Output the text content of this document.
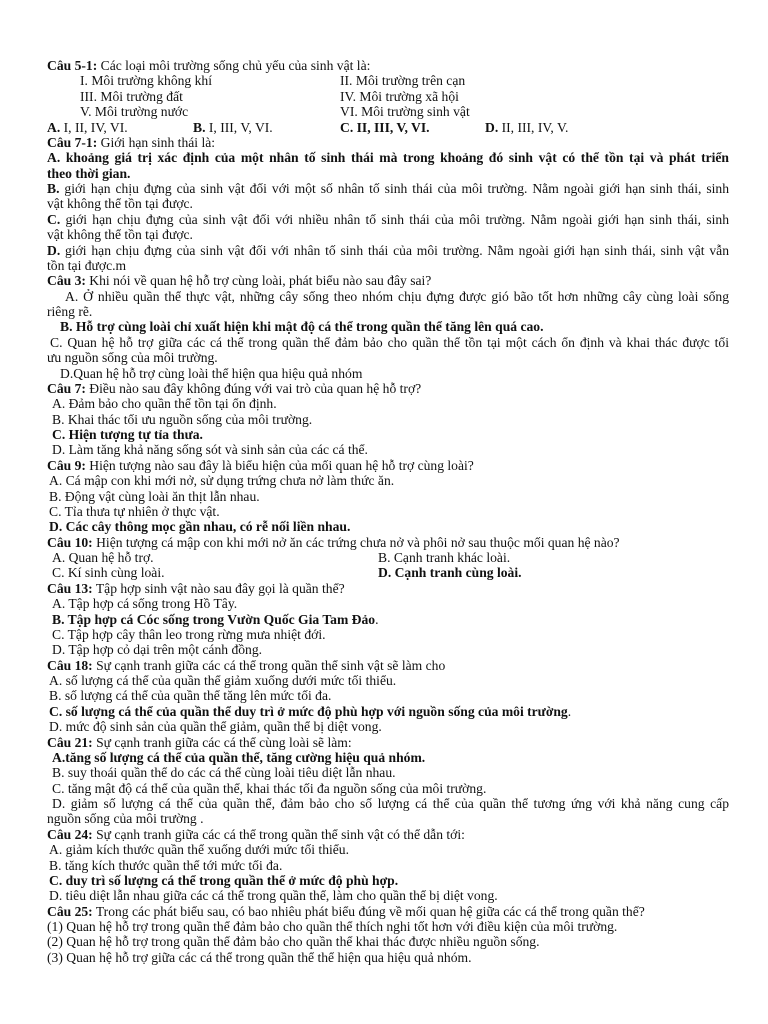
Câu 5-1: Các loại môi trường sống chủ yếu của sinh vật là:
I. Môi trường không khí	II. Môi trường trên cạn
III. Môi trường đất	IV. Môi trường xã hội
V. Môi trường nước	VI. Môi trường sinh vật
A. I, II, IV, VI.	B. I, III, V, VI.	C. II, III, V, VI.	D. II, III, IV, V.
Câu 7-1: Giới hạn sinh thái là:
A. khoảng giá trị xác định của một nhân tố sinh thái mà trong khoảng đó sinh vật có thể tồn tại và phát triển
theo thời gian.
B. giới hạn chịu đựng của sinh vật đối với một số nhân tố sinh thái của môi trường. Nằm ngoài giới hạn sinh thái, sinh
vật không thể tồn tại được.
C. giới hạn chịu đựng của sinh vật đối với nhiều nhân tố sinh thái của môi trường. Nằm ngoài giới hạn sinh thái, sinh
vật không thể tồn tại được.
D. giới hạn chịu đựng của sinh vật đối với nhân tố sinh thái của môi trường. Nằm ngoài giới hạn sinh thái, sinh vật vẫn
tồn tại được.m
Câu 3: Khi nói về quan hệ hỗ trợ cùng loài, phát biểu nào sau đây sai?
A. Ở nhiều quần thể thực vật, những cây sống theo nhóm chịu đựng được gió bão tốt hơn những cây cùng loài sống
riêng rẽ.
B. Hỗ trợ cùng loài chỉ xuất hiện khi mật độ cá thể trong quần thể tăng lên quá cao.
C. Quan hệ hỗ trợ giữa các cá thể trong quần thể đảm bảo cho quần thể tồn tại một cách ổn định và khai thác được tối
ưu nguồn sống của môi trường.
D.Quan hệ hỗ trợ cùng loài thể hiện qua hiệu quả nhóm
Câu 7: Điều nào sau đây không đúng với vai trò của quan hệ hỗ trợ?
A. Đảm bảo cho quần thể tồn tại ổn định.
B. Khai thác tối ưu nguồn sống của môi trường.
C. Hiện tượng tự tỉa thưa.
D. Làm tăng khả năng sống sót và sinh sản của các cá thể.
Câu 9: Hiện tượng nào sau đây là biểu hiện của mối quan hệ hỗ trợ cùng loài?
A. Cá mập con khi mới nở, sử dụng trứng chưa nở làm thức ăn.
B. Động vật cùng loài ăn thịt lẫn nhau.
C. Tỉa thưa tự nhiên ở thực vật.
D. Các cây thông mọc gần nhau, có rễ nối liền nhau.
Câu 10: Hiện tượng cá mập con khi mới nở ăn các trứng chưa nở và phôi nở sau thuộc mối quan hệ nào?
A. Quan hệ hỗ trợ.	B. Cạnh tranh khác loài.
C. Kí sinh cùng loài.	D. Cạnh tranh cùng loài.
Câu 13: Tập hợp sinh vật nào sau đây gọi là quần thể?
A. Tập hợp cá sống trong Hồ Tây.
B. Tập hợp cá Cóc sống trong Vườn Quốc Gia Tam Đảo.
C. Tập hợp cây thân leo trong rừng mưa nhiệt đới.
D. Tập hợp cỏ dại trên một cánh đồng.
Câu 18: Sự cạnh tranh giữa các cá thể trong quần thể sinh vật sẽ làm cho
A. số lượng cá thể của quần thể giảm xuống dưới mức tối thiểu.
B. số lượng cá thể của quần thể tăng lên mức tối đa.
C. số lượng cá thể của quần thể duy trì ở mức độ phù hợp với nguồn sống của môi trường.
D. mức độ sinh sản của quần thể giảm, quần thể bị diệt vong.
Câu 21: Sự cạnh tranh giữa các cá thể cùng loài sẽ làm:
A.tăng số lượng cá thể của quần thể, tăng cường hiệu quả nhóm.
B. suy thoái quần thể do các cá thể cùng loài tiêu diệt lẫn nhau.
C. tăng mật độ cá thể của quần thể, khai thác tối đa nguồn sống của môi trường.
D. giảm số lượng cá thể của quần thể, đảm bảo cho số lượng cá thể của quần thể tương ứng với khả năng cung cấp
nguồn sống của môi trường .
Câu 24: Sự cạnh tranh giữa các cá thể trong quần thể sinh vật có thể dẫn tới:
A. giảm kích thước quần thể xuống dưới mức tối thiểu.
B. tăng kích thước quần thể tới mức tối đa.
C. duy trì số lượng cá thể trong quần thể ở mức độ phù hợp.
D. tiêu diệt lẫn nhau giữa các cá thể trong quần thể, làm cho quần thể bị diệt vong.
Câu 25: Trong các phát biểu sau, có bao nhiêu phát biểu đúng về mối quan hệ giữa các cá thể trong quần thể?
(1) Quan hệ hỗ trợ trong quần thể đảm bảo cho quần thể thích nghi tốt hơn với điều kiện của môi trường.
(2) Quan hệ hỗ trợ trong quần thể đảm bảo cho quần thể khai thác được nhiều nguồn sống.
(3) Quan hệ hỗ trợ giữa các cá thể trong quần thể thể hiện qua hiệu quả nhóm.
